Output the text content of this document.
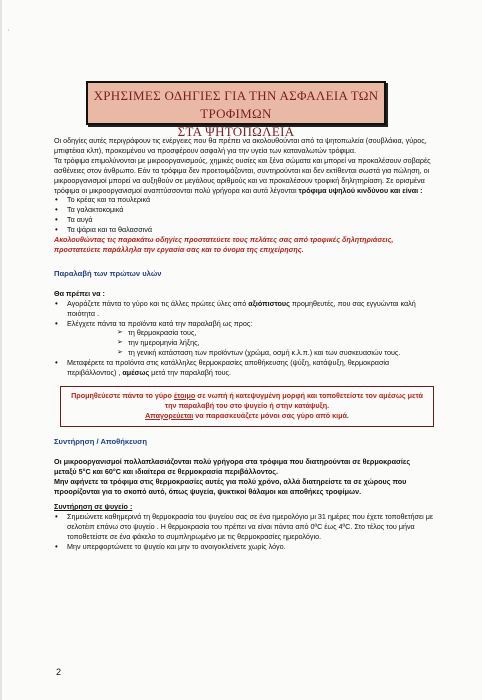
ʼ
ΧΡΗΣΙΜΕΣ ΟΔΗΓΙΕΣ ΓΙΑ ΤΗΝ ΑΣΦΑΛΕΙΑ ΤΩΝ ΤΡΟΦΙΜΩΝ
ΣΤΑ ΨΗΤΟΠΩΛΕΙΑ

Οι οδηγίες αυτές περιγράφουν τις ενέργειες που θα πρέπει να ακολουθούνται από τα ψητοπωλεία (σουβλάκια, γύρος, μπιφτέκια κλπ), προκειμένου να προσφέρουν ασφαλή για την υγεία των καταναλωτών τρόφιμα.

Τα τρόφιμα επιμολύνονται με μικροοργανισμούς, χημικές ουσίες και ξένα σώματα και μπορεί να προκαλέσουν σοβαρές ασθένειες στον άνθρωπο. Εάν τα τρόφιμα δεν προετοιμάζονται, συντηρούνται και δεν εκτίθενται σωστά για πώληση, οι μικροοργανισμοί μπορεί να αυξηθούν σε μεγάλους αριθμούς και να προκαλέσουν τροφική δηλητηρίαση. Σε ορισμένα τρόφιμα οι μικροοργανισμοί αναπτύσσονται πολύ γρήγορα και αυτά λέγονται τρόφιμα υψηλού κινδύνου και είναι :

• Το κρέας και τα πουλερικά
• Τα γαλακτοκομικά
• Τα αυγά
• Τα ψάρια και τα θαλασσινά

Ακολουθώντας τις παρακάτω οδηγίες προστατεύετε τους πελάτες σας από τροφικές δηλητηριάσεις, προστατεύετε παράλληλα την εργασία σας και το όνομα της επιχείρησης.

Παραλαβή των πρώτων υλών

Θα πρέπει να :

• Αγοράζετε πάντα το γύρο και τις άλλες πρώτες ύλες από αξιόπιστους προμηθευτές, που σας εγγυώνται καλή ποιότητα .
• Ελέγχετε πάντα τα προϊόντα κατά την παραλαβή ως προς:
➢ τη θερμοκρασία τους,
➢ την ημερομηνία λήξης,
➢ τη γενική κατάσταση των προϊόντων (χρώμα, οσμή κ.λ.π.) και των συσκευασιών τους.
• Μεταφέρετε τα προϊόντα στις κατάλληλες θερμοκρασίες αποθήκευσης (ψύξη, κατάψυξη, θερμοκρασία περιβάλλοντος) , αμέσως μετά την παραλαβή τους.
Προμηθεύεστε πάντα το γύρο έτοιμο σε νωπή ή κατεψυγμένη μορφή και τοποθετείστε τον αμέσως μετά
την παραλαβή του στο ψυγείο ή στην κατάψυξη.
Απαγορεύεται να παρασκευάζετε μόνοι σας γύρο από κιμά.

Συντήρηση / Αποθήκευση

Οι μικροοργανισμοί πολλαπλασιάζονται πολύ γρήγορα στα τρόφιμα που διατηρούνται σε θερμοκρασίες μεταξύ 5°C και 60°C και ιδιαίτερα σε θερμοκρασία περιβάλλοντος.

Μην αφήνετε τα τρόφιμα στις θερμοκρασίες αυτές για πολύ χρόνο, αλλά διατηρείστε τα σε χώρους που προορίζονται για το σκοπό αυτό, όπως ψυγεία, ψυκτικοί θάλαμοι και αποθήκες τροφίμων.

Συντήρηση σε ψυγείο :

• Σημειώνετε καθημερινά τη θερμοκρασία του ψυγείου σας σε ένα ημερολόγιο μι 31 ημέρες που έχετε τοποθετήσει με σελοτέιπ επάνω στο ψυγείο . Η θερμοκρασία του πρέπει να είναι πάντα από 0ºC έως 4ºC. Στο τέλος του μήνα τοποθετείστε σε ένα φάκελο το συμπληρωμένο με τις θερμοκρασίες ημερολόγιο.
• Μην υπερφορτώνετε το ψυγείο και μην το ανοιγοκλείνετε χωρίς λόγο.
2
